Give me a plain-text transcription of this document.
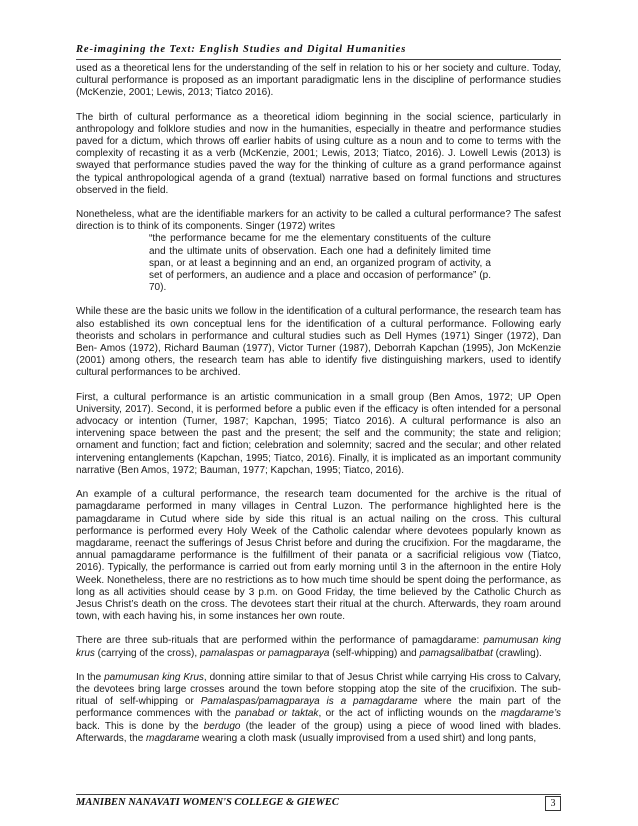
Re-imagining the Text: English Studies and Digital Humanities

used as a theoretical lens for the understanding of the self in relation to his or her society and culture. Today, cultural performance is proposed as an important paradigmatic lens in the discipline of performance studies (McKenzie, 2001; Lewis, 2013; Tiatco 2016).

The birth of cultural performance as a theoretical idiom beginning in the social science, particularly in anthropology and folklore studies and now in the humanities, especially in theatre and performance studies paved for a dictum, which throws off earlier habits of using culture as a noun and to come to terms with the complexity of recasting it as a verb (McKenzie, 2001; Lewis, 2013; Tiatco, 2016). J. Lowell Lewis (2013) is swayed that performance studies paved the way for the thinking of culture as a grand performance against the typical anthropological agenda of a grand (textual) narrative based on formal functions and structures observed in the field.

Nonetheless, what are the identifiable markers for an activity to be called a cultural performance? The safest direction is to think of its components. Singer (1972) writes

“the performance became for me the elementary constituents of the culture and the ultimate units of observation. Each one had a definitely limited time span, or at least a beginning and an end, an organized program of activity, a set of performers, an audience and a place and occasion of performance” (p. 70).

While these are the basic units we follow in the identification of a cultural performance, the research team has also established its own conceptual lens for the identification of a cultural performance. Following early theorists and scholars in performance and cultural studies such as Dell Hymes (1971) Singer (1972), Dan Ben- Amos (1972), Richard Bauman (1977), Victor Turner (1987), Deborrah Kapchan (1995), Jon McKenzie (2001) among others, the research team has able to identify five distinguishing markers, used to identify cultural performances to be archived.

First, a cultural performance is an artistic communication in a small group (Ben Amos, 1972; UP Open University, 2017). Second, it is performed before a public even if the efficacy is often intended for a personal advocacy or intention (Turner, 1987; Kapchan, 1995; Tiatco 2016). A cultural performance is also an intervening space between the past and the present; the self and the community; the state and religion; ornament and function; fact and fiction; celebration and solemnity; sacred and the secular; and other related intervening entanglements (Kapchan, 1995; Tiatco, 2016). Finally, it is implicated as an important community narrative (Ben Amos, 1972; Bauman, 1977; Kapchan, 1995; Tiatco, 2016).

An example of a cultural performance, the research team documented for the archive is the ritual of pamagdarame performed in many villages in Central Luzon. The performance highlighted here is the pamagdarame in Cutud where side by side this ritual is an actual nailing on the cross. This cultural performance is performed every Holy Week of the Catholic calendar where devotees popularly known as magdarame, reenact the sufferings of Jesus Christ before and during the crucifixion. For the magdarame, the annual pamagdarame performance is the fulfillment of their panata or a sacrificial religious vow (Tiatco, 2016). Typically, the performance is carried out from early morning until 3 in the afternoon in the entire Holy Week. Nonetheless, there are no restrictions as to how much time should be spent doing the performance, as long as all activities should cease by 3 p.m. on Good Friday, the time believed by the Catholic Church as Jesus Christ’s death on the cross. The devotees start their ritual at the church. Afterwards, they roam around town, with each having his, in some instances her own route.

There are three sub-rituals that are performed within the performance of pamagdarame: pamumusan king krus (carrying of the cross), pamalaspas or pamagparaya (self-whipping) and pamagsalibatbat (crawling).

In the pamumusan king Krus, donning attire similar to that of Jesus Christ while carrying His cross to Calvary, the devotees bring large crosses around the town before stopping atop the site of the crucifixion. The sub-ritual of self-whipping or Pamalaspas/pamagparaya is a pamagdarame where the main part of the performance commences with the panabad or taktak, or the act of inflicting wounds on the magdarame’s back. This is done by the berdugo (the leader of the group) using a piece of wood lined with blades. Afterwards, the magdarame wearing a cloth mask (usually improvised from a used shirt) and long pants,

MANIBEN NANAVATI WOMEN'S COLLEGE & GIEWEC	3
